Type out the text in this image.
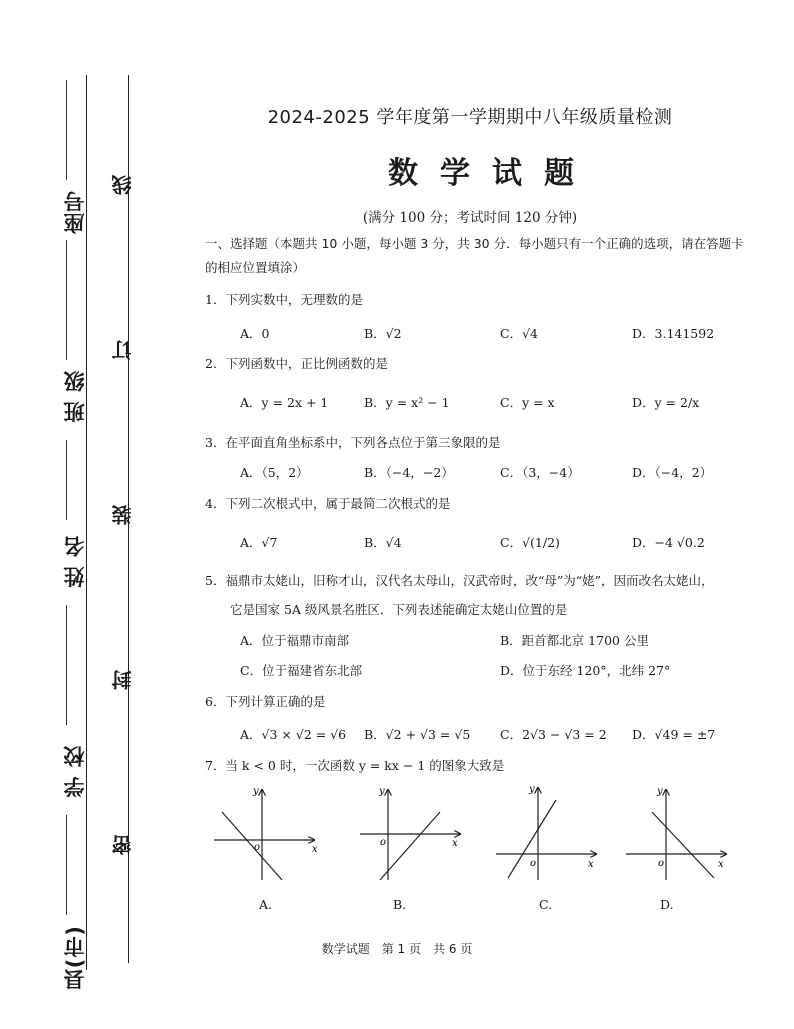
县(市)
学 校
姓 名
班 级
座号
密
封
装
订
线
2024-2025 学年度第一学期期中八年级质量检测
数学试题
(满分 100 分；考试时间 120 分钟)
一、选择题（本题共 10 小题，每小题 3 分，共 30 分．每小题只有一个正确的选项，请在答题卡的相应位置填涂）
1．下列实数中，无理数的是
A．0	B．√2	C．√4	D．3.141592
2．下列函数中，正比例函数的是
A．y = 2x + 1	B．y = x² − 1	C．y = x	D．y = 2/x
3．在平面直角坐标系中，下列各点位于第三象限的是
A．（5，2）	B．（−4，−2）	C．（3，−4）	D．（−4，2）
4．下列二次根式中，属于最简二次根式的是
A．√7	B．√4	C．√(1/2)	D．−4 √0.2
5．福鼎市太姥山，旧称才山，汉代名太母山，汉武帝时，改“母”为“姥”，因而改名太姥山，
它是国家 5A 级风景名胜区．下列表述能确定太姥山位置的是
A．位于福鼎市南部	B．距首都北京 1700 公里
C．位于福建省东北部	D．位于东经 120°，北纬 27°
6．下列计算正确的是
A．√3 × √2 = √6 B．√2 + √3 = √5 C．2√3 − √3 = 2 D．√49 = ±7
7．当 k < 0 时，一次函数 y = kx − 1 的图象大致是
y
x
o
A.
y
x
o
B.
y
x
o
C.
y
x
o
D.
数学试题　第 1 页　共 6 页
